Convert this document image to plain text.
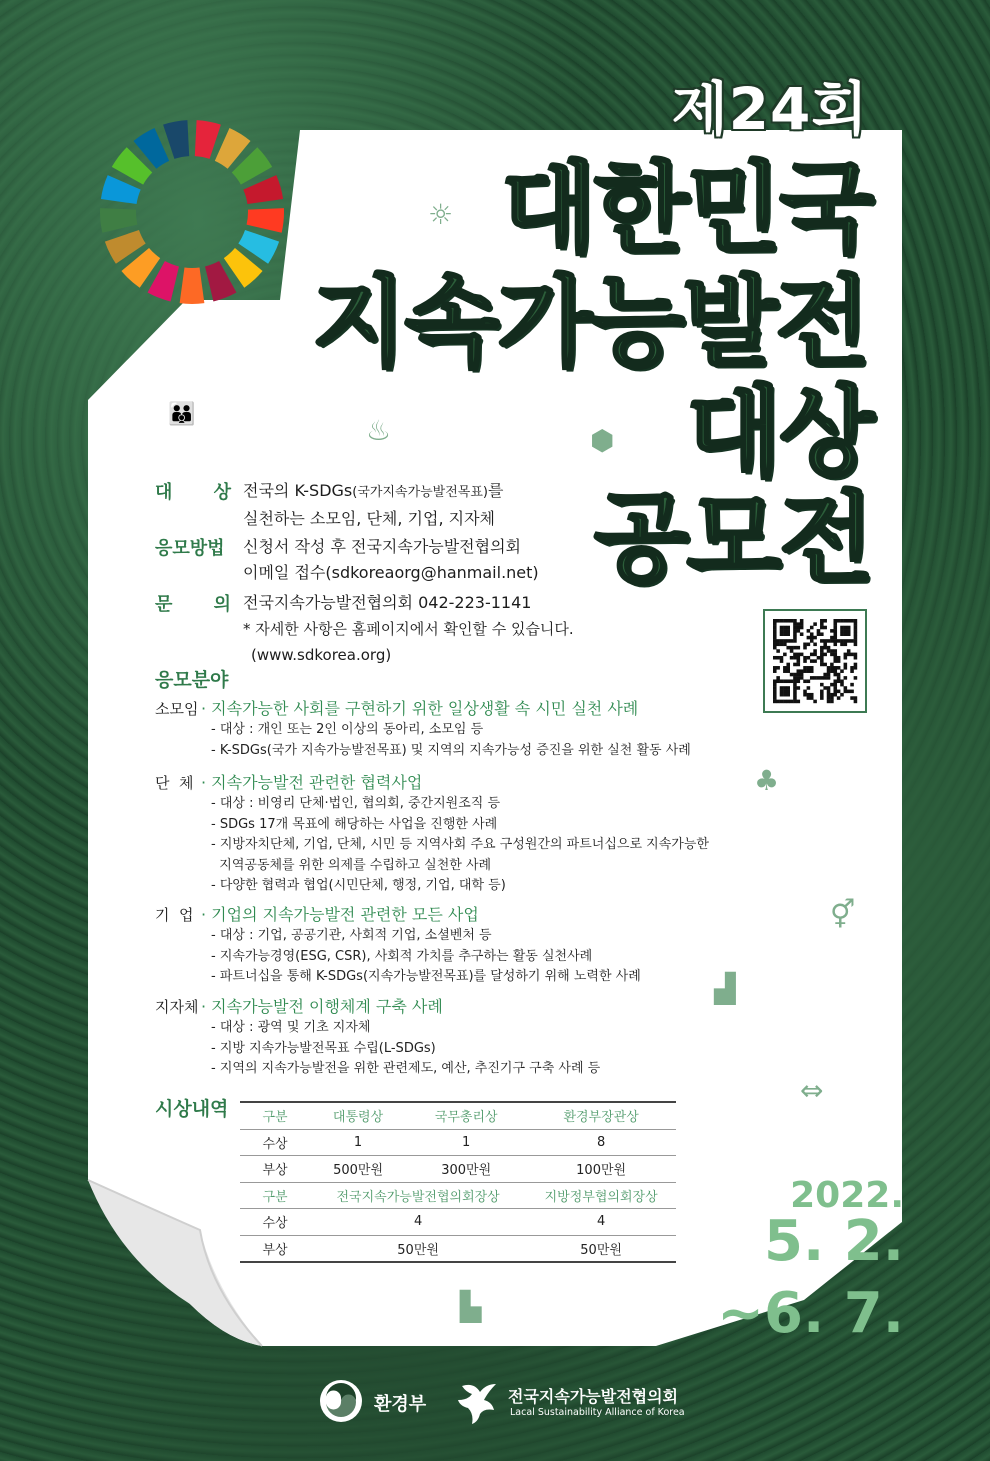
제24회
대한민국
지속가능발전
대상
공모전
☼
👪	♨	⬢
♣
⚥
▟
⇔
▙
대 상 전국의 K-SDGs(국가지속가능발전목표)를
실천하는 소모임, 단체, 기업, 지자체
응모방법	신청서 작성 후 전국지속가능발전협의회
이메일 접수(sdkoreaorg@hanmail.net)
문 의 전국지속가능발전협의회 042-223-1141
* 자세한 사항은 홈페이지에서 확인할 수 있습니다.
(www.sdkorea.org)
응모분야
소모임 · 지속가능한 사회를 구현하기 위한 일상생활 속 시민 실천 사례
- 대상 : 개인 또는 2인 이상의 동아리, 소모임 등
- K-SDGs(국가 지속가능발전목표) 및 지역의 지속가능성 증진을 위한 실천 활동 사례
단  체 · 지속가능발전 관련한 협력사업
- 대상 : 비영리 단체·법인, 협의회, 중간지원조직 등
- SDGs 17개 목표에 해당하는 사업을 진행한 사례
- 지방자치단체, 기업, 단체, 시민 등 지역사회 주요 구성원간의 파트너십으로 지속가능한
지역공동체를 위한 의제를 수립하고 실천한 사례
- 다양한 협력과 협업(시민단체, 행정, 기업, 대학 등)
기  업 · 기업의 지속가능발전 관련한 모든 사업
- 대상 : 기업, 공공기관, 사회적 기업, 소셜벤처 등
- 지속가능경영(ESG, CSR), 사회적 가치를 추구하는 활동 실천사례
- 파트너십을 통해 K-SDGs(지속가능발전목표)를 달성하기 위해 노력한 사례
지자체 · 지속가능발전 이행체계 구축 사례
- 대상 : 광역 및 기초 지자체
- 지방 지속가능발전목표 수립(L-SDGs)
- 지역의 지속가능발전을 위한 관련제도, 예산, 추진기구 구축 사례 등
시상내역	구분	대통령상	국무총리상	환경부장관상
수상	1	1	8
부상	500만원	300만원	100만원
구분	전국지속가능발전협의회장상		지방정부협의회장상
수상	4		4
부상	50만원		50만원
2022.
5. 2.
~6. 7.
환경부	전국지속가능발전협의회
Lacal Sustainability Alliance of Korea
